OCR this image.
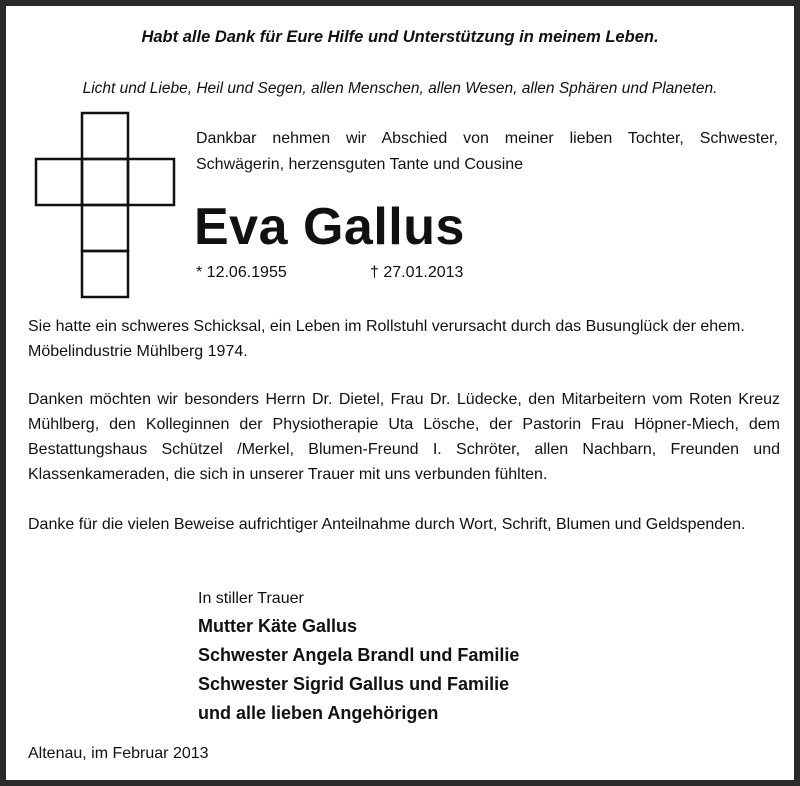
Habt alle Dank für Eure Hilfe und Unterstützung in meinem Leben.

Licht und Liebe, Heil und Segen, allen Menschen, allen Wesen, allen Sphären und Planeten.

Dankbar nehmen wir Abschied von meiner lieben Tochter, Schwester, Schwägerin, herzensguten Tante und Cousine

Eva Gallus
* 12.06.1955	† 27.01.2013

Sie hatte ein schweres Schicksal, ein Leben im Rollstuhl verursacht durch das Busunglück der ehem. Möbelindustrie Mühlberg 1974.

Danken möchten wir besonders Herrn Dr. Dietel, Frau Dr. Lüdecke, den Mitarbeitern vom Roten Kreuz Mühlberg, den Kolleginnen der Physiotherapie Uta Lösche, der Pastorin Frau Höpner-Miech, dem Bestattungshaus Schützel /Merkel, Blumen-Freund I. Schröter, allen Nachbarn, Freunden und Klassenkameraden, die sich in unserer Trauer mit uns verbunden fühlten.

Danke für die vielen Beweise aufrichtiger Anteilnahme durch Wort, Schrift, Blumen und Geldspenden.

In stiller Trauer
Mutter Käte Gallus
Schwester Angela Brandl und Familie
Schwester Sigrid Gallus und Familie
und alle lieben Angehörigen
Altenau, im Februar 2013
